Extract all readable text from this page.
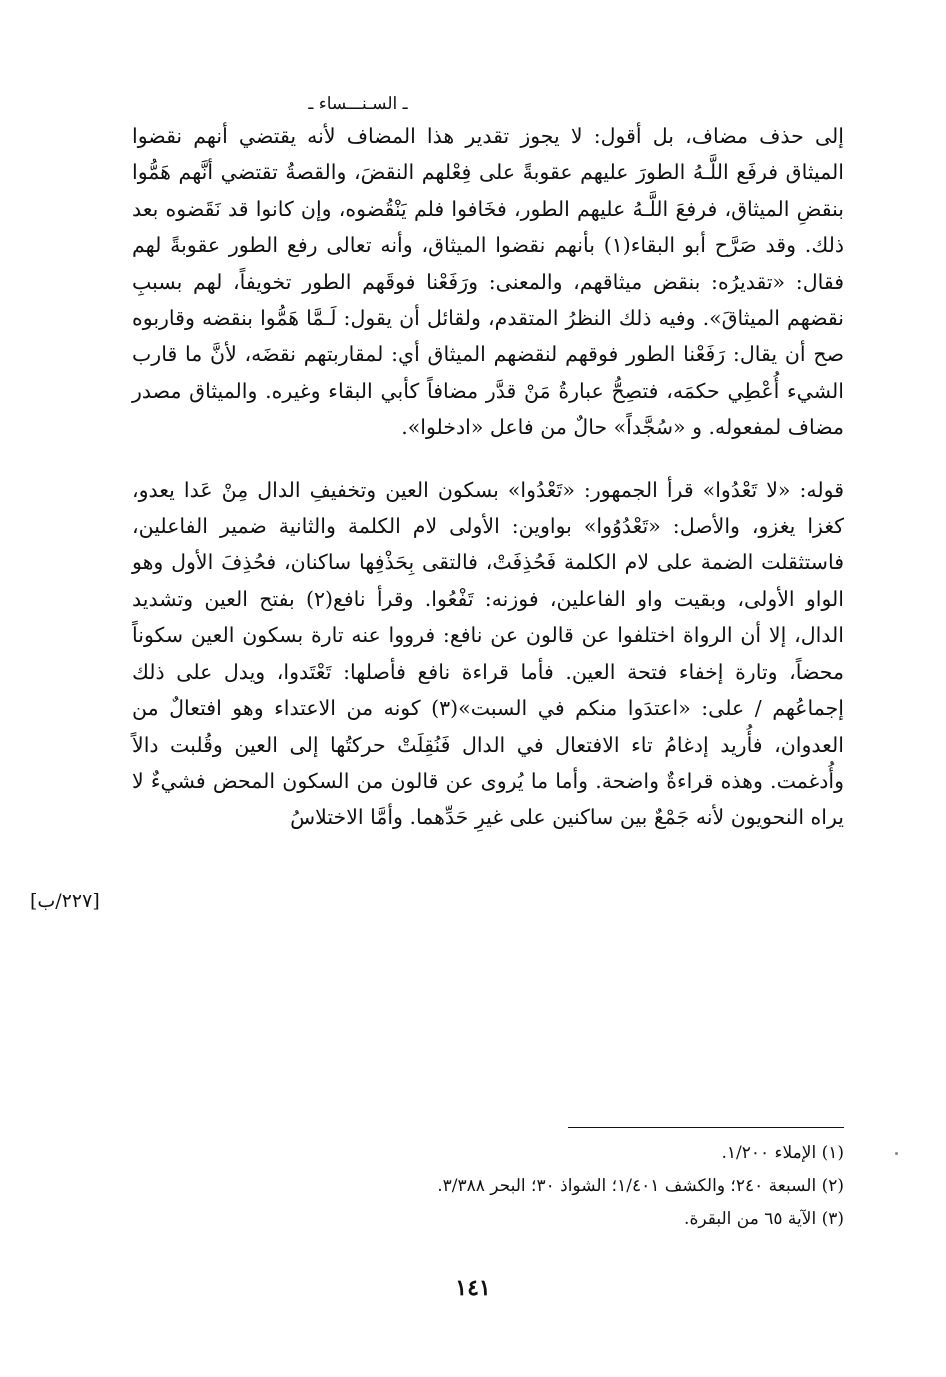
ـ السـنـــساء ـ

إلى حذف مضاف، بل أقول: لا يجوز تقدير هذا المضاف لأنه يقتضي أنهم نقضوا الميثاق فرفَع اللَّـهُ الطورَ عليهم عقوبةً على فِعْلهم النقضَ، والقصةُ تقتضي أنَّهم هَمُّوا بنقضِ الميثاق، فرفعَ اللَّـهُ عليهم الطور، فخَافوا فلم يَنْقُضوه، وإن كانوا قد نَقَضوه بعد ذلك. وقد صَرَّح أبو البقاء(١) بأنهم نقضوا الميثاق، وأنه تعالى رفع الطور عقوبةً لهم فقال: «تقديرُه: بنقض ميثاقهم، والمعنى: ورَفَعْنا فوقَهم الطور تخويفاً، لهم بسببِ نقضهم الميثاقَ». وفيه ذلك النظرُ المتقدم، ولقائل أن يقول: لَـمَّا هَمُّوا بنقضه وقاربوه صح أن يقال: رَفَعْنا الطور فوقهم لنقضهم الميثاق أي: لمقاربتهم نقضَه، لأنَّ ما قارب الشيء أُعْطِي حكمَه، فتصِحُّ عبارةُ مَنْ قدَّر مضافاً كأبي البقاء وغيره. والميثاق مصدر مضاف لمفعوله. و «سُجَّداً» حالٌ من فاعل «ادخلوا».

قوله: «لا تَعْدُوا» قرأ الجمهور: «تَعْدُوا» بسكون العين وتخفيفِ الدال مِنْ عَدا يعدو، كغزا يغزو، والأصل: «تَعْدُوُوا» بواوين: الأولى لام الكلمة والثانية ضمير الفاعلين، فاستثقلت الضمة على لام الكلمة فَحُذِفَتْ، فالتقى بِحَذْفِها ساكنان، فحُذِفَ الأول وهو الواو الأولى، وبقيت واو الفاعلين، فوزنه: تَفْعُوا. وقرأ نافع(٢) بفتح العين وتشديد الدال، إلا أن الرواة اختلفوا عن قالون عن نافع: فرووا عنه تارة بسكون العين سكوناً محضاً، وتارة إخفاء فتحة العين. فأما قراءة نافع فأصلها: تَعْتَدوا، ويدل على ذلك إجماعُهم / على: «اعتدَوا منكم في السبت»(٣) كونه من الاعتداء وهو افتعالٌ من العدوان، فأُريد إدغامُ تاء الافتعال في الدال فَنُقِلَتْ حركتُها إلى العين وقُلبت دالاً وأُدغمت. وهذه قراءةٌ واضحة. وأما ما يُروى عن قالون من السكون المحض فشيءٌ لا يراه النحويون لأنه جَمْعٌ بين ساكنين على غيرِ حَدِّهما. وأمَّا الاختلاسُ

[٢٢٧/ب]
(١) الإملاء ١/٢٠٠.
(٢) السبعة ٢٤٠؛ والكشف ١/٤٠١؛ الشواذ ٣٠؛ البحر ٣/٣٨٨.
(٣) الآية ٦٥ من البقرة.
١٤١
